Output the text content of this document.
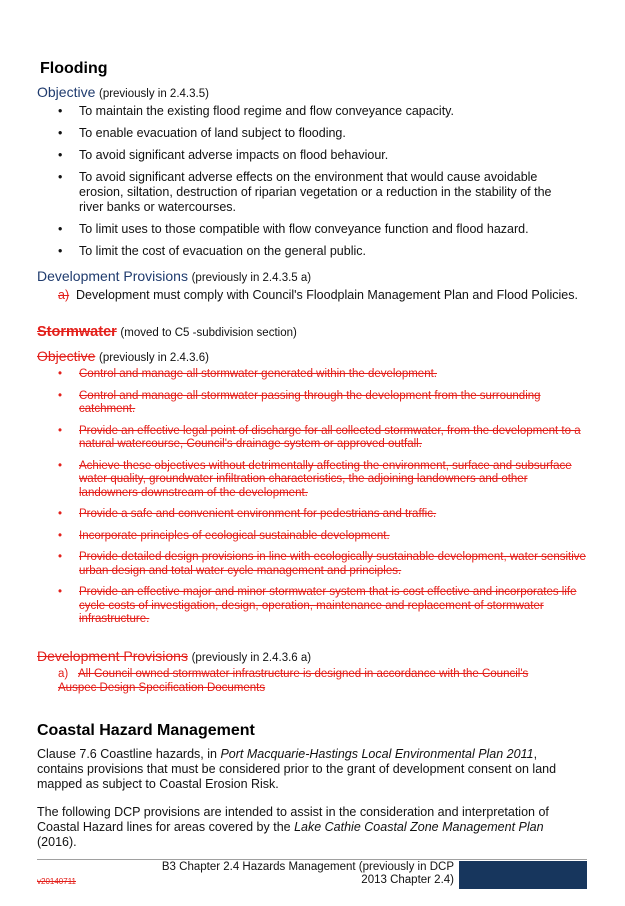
Flooding

Objective (previously in 2.4.3.5)

• To maintain the existing flood regime and flow conveyance capacity.
• To enable evacuation of land subject to flooding.
• To avoid significant adverse impacts on flood behaviour.
• To avoid significant adverse effects on the environment that would cause avoidable erosion, siltation, destruction of riparian vegetation or a reduction in the stability of the river banks or watercourses.
• To limit uses to those compatible with flow conveyance function and flood hazard.
• To limit the cost of evacuation on the general public.

Development Provisions (previously in 2.4.3.5 a)

a) Development must comply with Council's Floodplain Management Plan and Flood Policies.

Stormwater (moved to C5 -subdivision section)

Objective (previously in 2.4.3.6)

• Control and manage all stormwater generated within the development.
• Control and manage all stormwater passing through the development from the surrounding catchment.
• Provide an effective legal point of discharge for all collected stormwater, from the development to a natural watercourse, Council's drainage system or approved outfall.
• Achieve these objectives without detrimentally affecting the environment, surface and subsurface water quality, groundwater infiltration characteristics, the adjoining landowners and other landowners downstream of the development.
• Provide a safe and convenient environment for pedestrians and traffic.
• Incorporate principles of ecological sustainable development.
• Provide detailed design provisions in line with ecologically sustainable development, water sensitive urban design and total water cycle management and principles.
• Provide an effective major and minor stormwater system that is cost effective and incorporates life cycle costs of investigation, design, operation, maintenance and replacement of stormwater infrastructure.

Development Provisions (previously in 2.4.3.6 a)

a) All Council owned stormwater infrastructure is designed in accordance with the Council's Auspec Design Specification Documents

Coastal Hazard Management

Clause 7.6 Coastline hazards, in Port Macquarie-Hastings Local Environmental Plan 2011, contains provisions that must be considered prior to the grant of development consent on land mapped as subject to Coastal Erosion Risk.

The following DCP provisions are intended to assist in the consideration and interpretation of Coastal Hazard lines for areas covered by the Lake Cathie Coastal Zone Management Plan (2016).

B3 Chapter 2.4 Hazards Management (previously in DCP
2013 Chapter 2.4)
v20140711
